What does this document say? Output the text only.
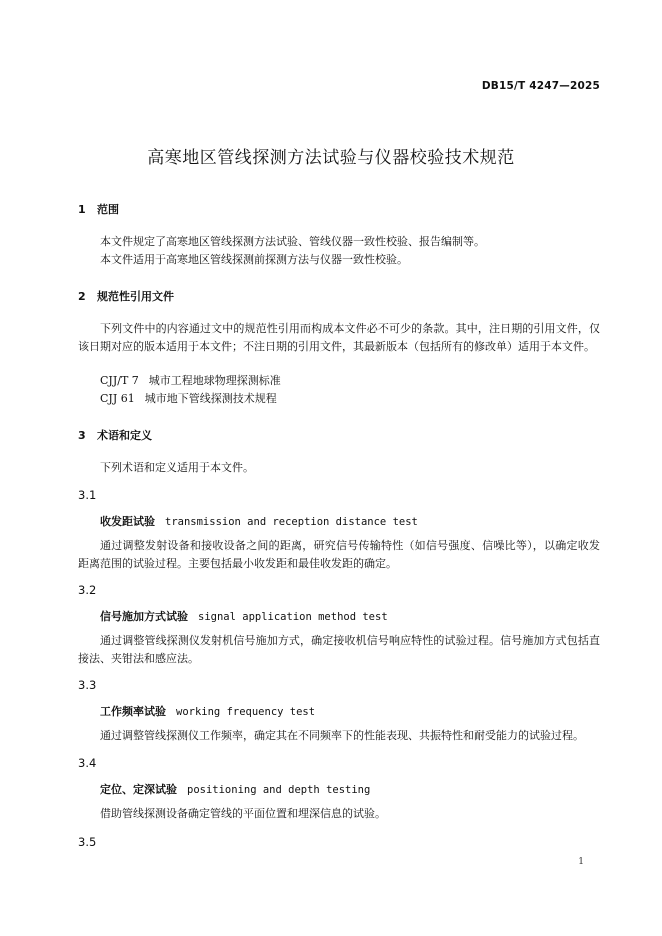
DB15/T 4247—2025
高寒地区管线探测方法试验与仪器校验技术规范
1 范围

本文件规定了高寒地区管线探测方法试验、管线仪器一致性校验、报告编制等。

本文件适用于高寒地区管线探测前探测方法与仪器一致性校验。

2 规范性引用文件

下列文件中的内容通过文中的规范性引用而构成本文件必不可少的条款。其中，注日期的引用文件，仅该日期对应的版本适用于本文件；不注日期的引用文件，其最新版本（包括所有的修改单）适用于本文件。

CJJ/T 7 城市工程地球物理探测标准
CJJ 61 城市地下管线探测技术规程
3 术语和定义

下列术语和定义适用于本文件。

3.1
收发距试验 transmission and reception distance test

通过调整发射设备和接收设备之间的距离，研究信号传输特性（如信号强度、信噪比等），以确定收发距离范围的试验过程。主要包括最小收发距和最佳收发距的确定。

3.2
信号施加方式试验 signal application method test

通过调整管线探测仪发射机信号施加方式，确定接收机信号响应特性的试验过程。信号施加方式包括直接法、夹钳法和感应法。

3.3
工作频率试验 working frequency test

通过调整管线探测仪工作频率，确定其在不同频率下的性能表现、共振特性和耐受能力的试验过程。

3.4
定位、定深试验 positioning and depth testing

借助管线探测设备确定管线的平面位置和埋深信息的试验。

3.5
1
